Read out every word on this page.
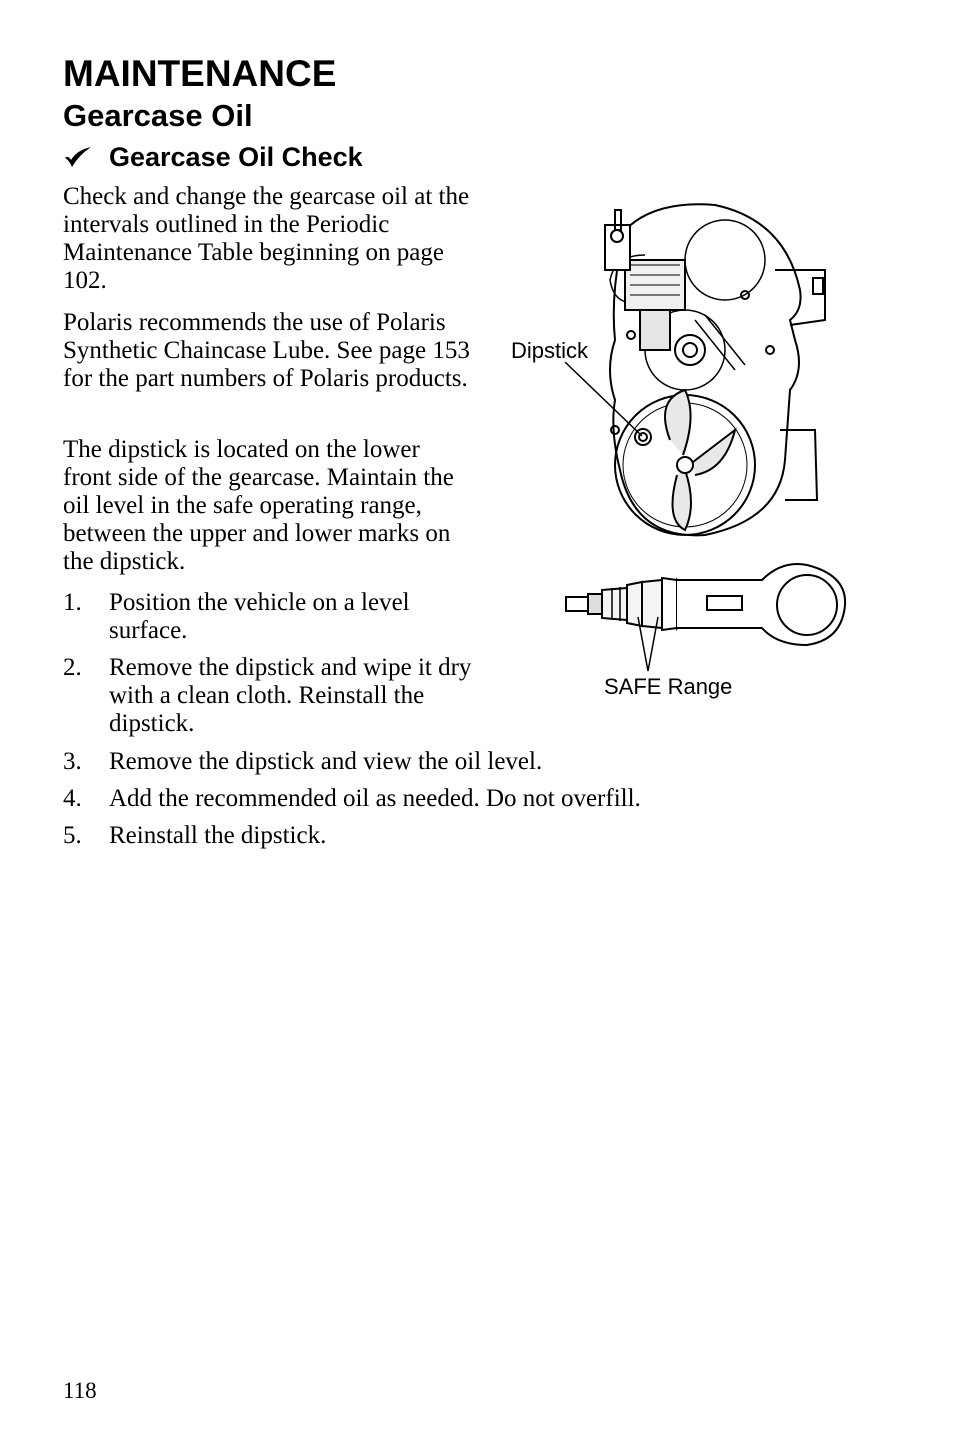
MAINTENANCE
Gearcase Oil
Gearcase Oil Check

Check and change the gearcase oil at the intervals outlined in the Periodic Maintenance Table beginning on page 102.

Polaris recommends the use of Polaris Synthetic Chaincase Lube. See page 153 for the part numbers of Polaris products.

The dipstick is located on the lower front side of the gearcase. Maintain the oil level in the safe operating range, between the upper and lower marks on the dipstick.

1.	Position the vehicle on a level surface.
2.	Remove the dipstick and wipe it dry with a clean cloth. Reinstall the dipstick.
3.	Remove the dipstick and view the oil level.
4.	Add the recommended oil as needed. Do not overfill.
5.	Reinstall the dipstick.
Dipstick
SAFE Range
118
